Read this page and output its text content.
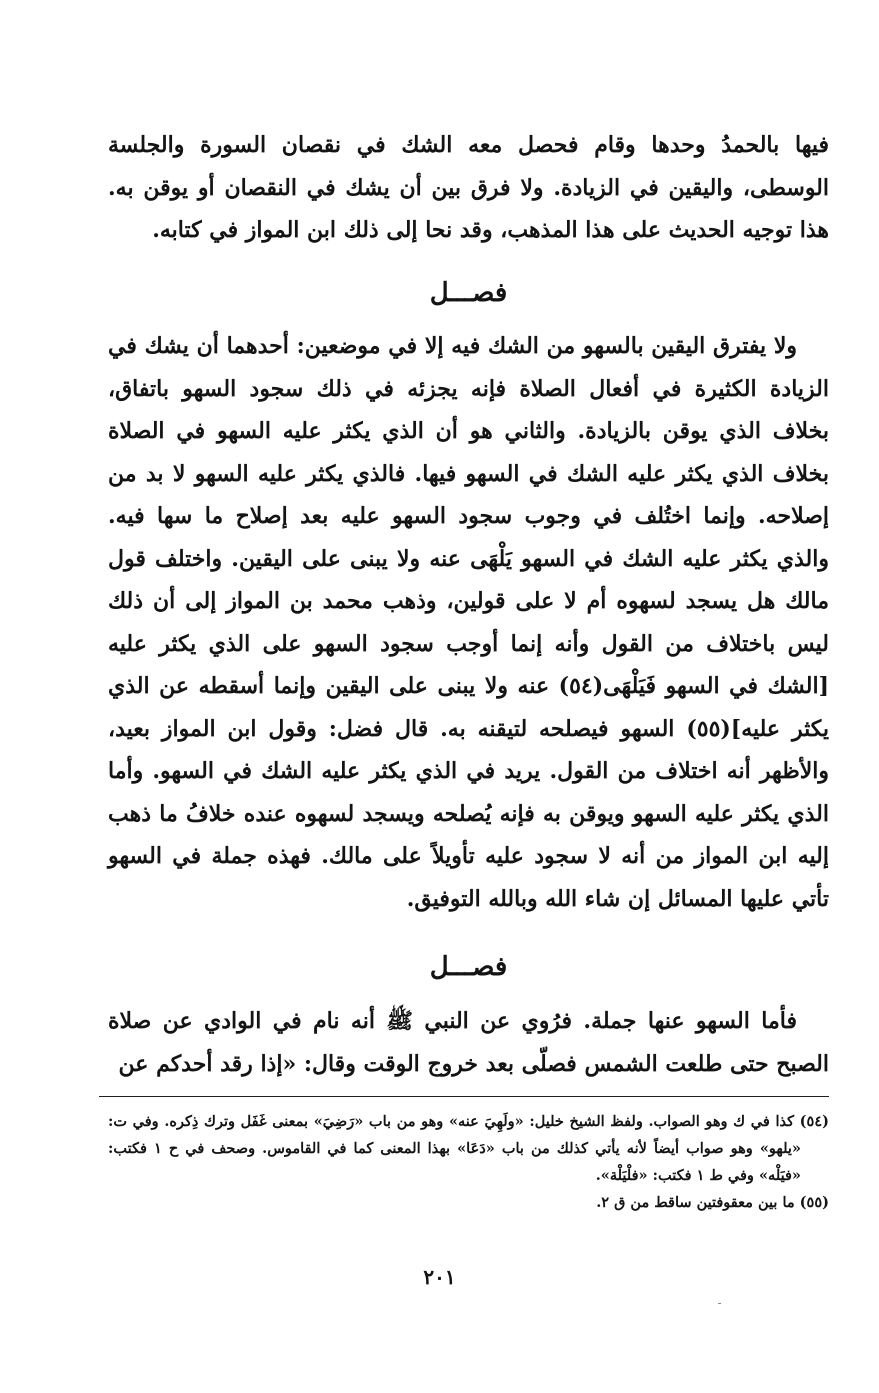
فيها بالحمدُ وحدها وقام فحصل معه الشك في نقصان السورة والجلسة الوسطى، واليقين في الزيادة. ولا فرق بين أن يشك في النقصان أو يوقن به. هذا توجيه الحديث على هذا المذهب، وقد نحا إلى ذلك ابن المواز في كتابه.

فصـــل

ولا يفترق اليقين بالسهو من الشك فيه إلا في موضعين: أحدهما أن يشك في الزيادة الكثيرة في أفعال الصلاة فإنه يجزئه في ذلك سجود السهو باتفاق، بخلاف الذي يوقن بالزيادة. والثاني هو أن الذي يكثر عليه السهو في الصلاة بخلاف الذي يكثر عليه الشك في السهو فيها. فالذي يكثر عليه السهو لا بد من إصلاحه. وإنما اختُلف في وجوب سجود السهو عليه بعد إصلاح ما سها فيه. والذي يكثر عليه الشك في السهو يَلْهَى عنه ولا يبنى على اليقين. واختلف قول مالك هل يسجد لسهوه أم لا على قولين، وذهب محمد بن المواز إلى أن ذلك ليس باختلاف من القول وأنه إنما أوجب سجود السهو على الذي يكثر عليه [الشك في السهو فَيَلْهَى(٥٤) عنه ولا يبنى على اليقين وإنما أسقطه عن الذي يكثر عليه](٥٥) السهو فيصلحه لتيقنه به. قال فضل: وقول ابن المواز بعيد، والأظهر أنه اختلاف من القول. يريد في الذي يكثر عليه الشك في السهو. وأما الذي يكثر عليه السهو ويوقن به فإنه يُصلحه ويسجد لسهوه عنده خلافُ ما ذهب إليه ابن المواز من أنه لا سجود عليه تأويلاً على مالك. فهذه جملة في السهو تأتي عليها المسائل إن شاء الله وبالله التوفيق.

فصـــل

فأما السهو عنها جملة. فرُوي عن النبي ﷺ أنه نام في الوادي عن صلاة الصبح حتى طلعت الشمس فصلّى بعد خروج الوقت وقال: «إذا رقد أحدكم عن

(٥٤) كذا في ك وهو الصواب. ولفظ الشيخ خليل: «ولَهِيَ عنه» وهو من باب «رَضِيَ» بمعنى غَفَل وترك ذِكره. وفي ت: «يلهو» وهو صواب أيضاً لأنه يأتي كذلك من باب «دَعَا» بهذا المعنى كما في القاموس. وصحف في ح ١ فكتب: «فيَلْه» وفي ط ١ فكتب: «فلْيَلْة».

(٥٥) ما بين معقوفتين ساقط من ق ٢.

٢٠١
